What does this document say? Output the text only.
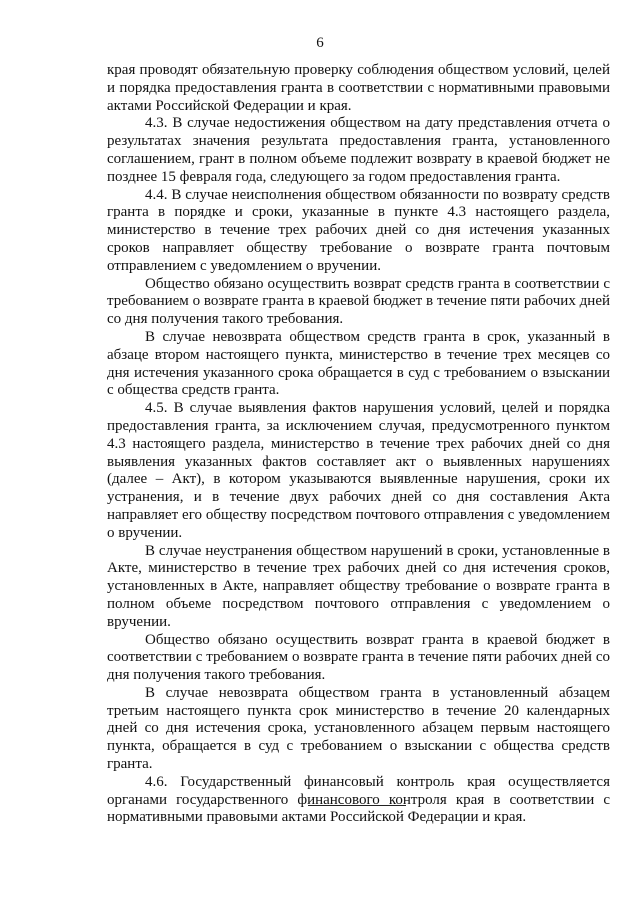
6

края проводят обязательную проверку соблюдения обществом условий, целей и порядка предоставления гранта в соответствии с нормативными правовыми актами Российской Федерации и края.

4.3. В случае недостижения обществом на дату представления отчета о результатах значения результата предоставления гранта, установленного соглашением, грант в полном объеме подлежит возврату в краевой бюджет не позднее 15 февраля года, следующего за годом предоставления гранта.

4.4. В случае неисполнения обществом обязанности по возврату средств гранта в порядке и сроки, указанные в пункте 4.3 настоящего раздела, министерство в течение трех рабочих дней со дня истечения указанных сроков направляет обществу требование о возврате гранта почтовым отправлением с уведомлением о вручении.

Общество обязано осуществить возврат средств гранта в соответствии с требованием о возврате гранта в краевой бюджет в течение пяти рабочих дней со дня получения такого требования.

В случае невозврата обществом средств гранта в срок, указанный в абзаце втором настоящего пункта, министерство в течение трех месяцев со дня истечения указанного срока обращается в суд с требованием о взыскании с общества средств гранта.

4.5. В случае выявления фактов нарушения условий, целей и порядка предоставления гранта, за исключением случая, предусмотренного пунктом 4.3 настоящего раздела, министерство в течение трех рабочих дней со дня выявления указанных фактов составляет акт о выявленных нарушениях (далее – Акт), в котором указываются выявленные нарушения, сроки их устранения, и в течение двух рабочих дней со дня составления Акта направляет его обществу посредством почтового отправления с уведомлением о вручении.

В случае неустранения обществом нарушений в сроки, установленные в Акте, министерство в течение трех рабочих дней со дня истечения сроков, установленных в Акте, направляет обществу требование о возврате гранта в полном объеме посредством почтового отправления с уведомлением о вручении.

Общество обязано осуществить возврат гранта в краевой бюджет в соответствии с требованием о возврате гранта в течение пяти рабочих дней со дня получения такого требования.

В случае невозврата обществом гранта в установленный абзацем третьим настоящего пункта срок министерство в течение 20 календарных дней со дня истечения срока, установленного абзацем первым настоящего пункта, обращается в суд с требованием о взыскании с общества средств гранта.

4.6. Государственный финансовый контроль края осуществляется органами государственного финансового контроля края в соответствии с нормативными правовыми актами Российской Федерации и края.
